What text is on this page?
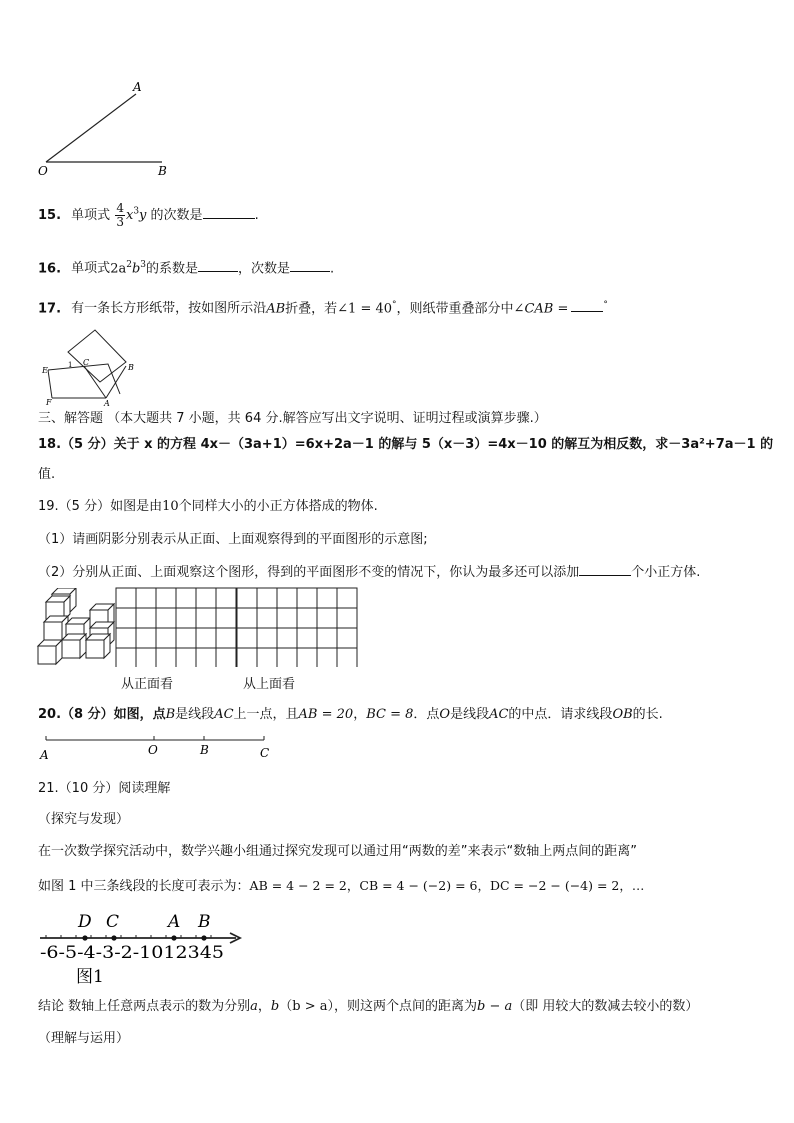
A
O	B
15. 单项式 $\frac{4}{3} x^3y$ 的次数是	.
16. 单项式$2a^2b^3$的系数是	，次数是	.
17. 有一条长方形纸带，按如图所示沿AB折叠，若∠1 = 40°，则纸带重叠部分中∠CAB =	°
E
1 C
B
F	A
三、解答题 （本大题共 7 小题，共 64 分.解答应写出文字说明、证明过程或演算步骤.）
18.（5 分）关于 x 的方程 4x－（3a+1）=6x+2a－1 的解与 5（x－3）=4x－10 的解互为相反数，求－3a²+7a－1 的
值.
19.（5 分）如图是由10个同样大小的小正方体搭成的物体.
（1）请画阴影分别表示从正面、上面观察得到的平面图形的示意图;
（2）分别从正面、上面观察这个图形，得到的平面图形不变的情况下，你认为最多还可以添加	个小正方体.
从正面看	从上面看
20.（8 分）如图，点B是线段AC上一点，且AB = 20，BC = 8．点O是线段AC的中点．请求线段OB的长.
A	O	B	C
21.（10 分）阅读理解
（探究与发现）
在一次数学探究活动中，数学兴趣小组通过探究发现可以通过用“两数的差”来表示“数轴上两点间的距离”
如图 1 中三条线段的长度可表示为：AB = 4 − 2 = 2，CB = 4 − (−2) = 6，DC = −2 − (−4) = 2，…
D C	A B
-6-5-4-3-2-1012345
图1
结论 数轴上任意两点表示的数为分别a，b（b > a），则这两个点间的距离为b − a（即 用较大的数减去较小的数）
（理解与运用）
